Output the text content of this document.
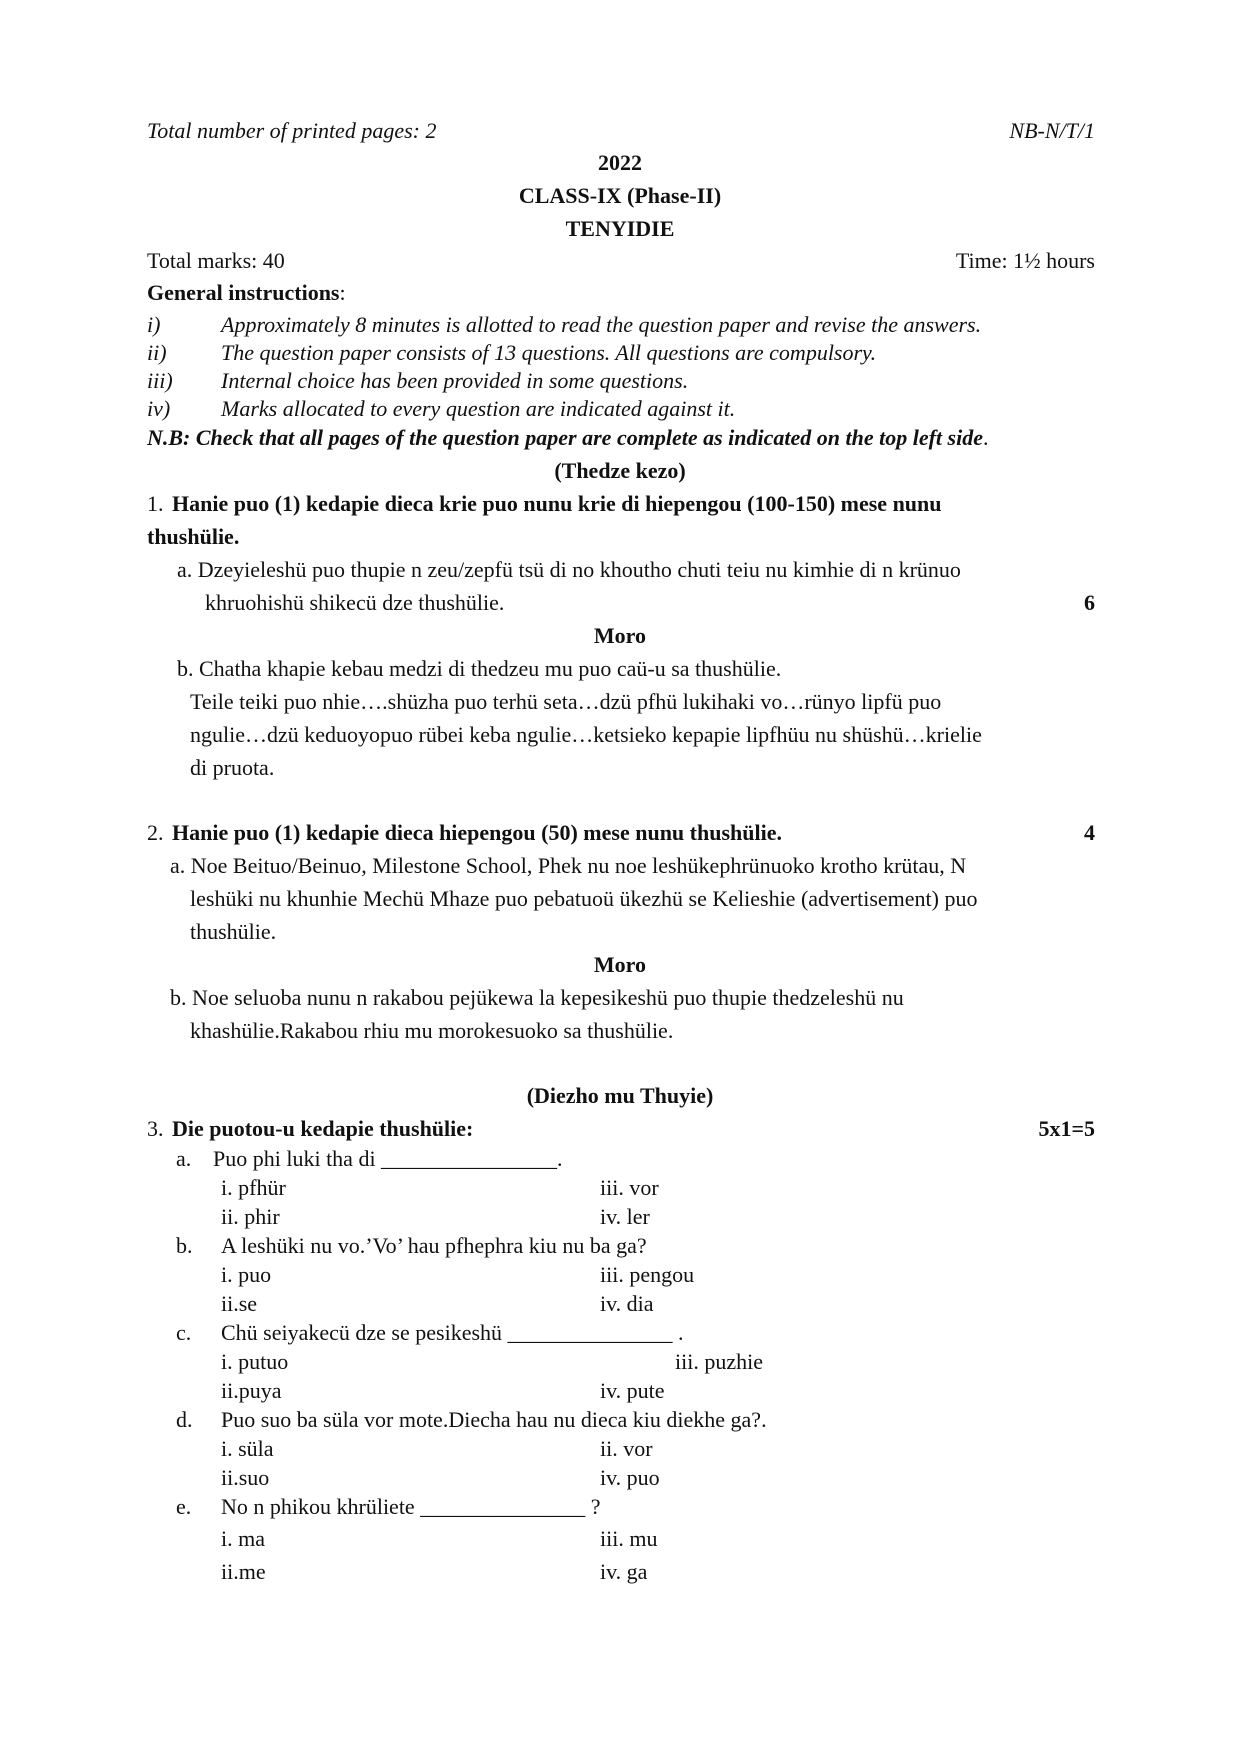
Total number of printed pages: 2	NB-N/T/1
2022
CLASS-IX (Phase-II)
TENYIDIE
Total marks: 40	Time: 1½ hours
General instructions:
i)	Approximately 8 minutes is allotted to read the question paper and revise the answers.
ii) The question paper consists of 13 questions. All questions are compulsory.
iii) Internal choice has been provided in some questions.
iv) Marks allocated to every question are indicated against it.
N.B: Check that all pages of the question paper are complete as indicated on the top left side.
(Thedze kezo)
1. Hanie puo (1) kedapie dieca krie puo nunu krie di hiepengou (100-150) mese nunu
thushülie.
a. Dzeyieleshü puo thupie n zeu/zepfü tsü di no khoutho chuti teiu nu kimhie di n krünuo
khruohishü shikecü dze thushülie.	6
Moro
b. Chatha khapie kebau medzi di thedzeu mu puo caü-u sa thushülie.
Teile teiki puo nhie….shüzha puo terhü seta…dzü pfhü lukihaki vo…rünyo lipfü puo
ngulie…dzü keduoyopuo rübei keba ngulie…ketsieko kepapie lipfhüu nu shüshü…krielie
di pruota.
2. Hanie puo (1) kedapie dieca hiepengou (50) mese nunu thushülie.	4
a. Noe Beituo/Beinuo, Milestone School, Phek nu noe leshükephrünuoko krotho krütau, N
leshüki nu khunhie Mechü Mhaze puo pebatuoü ükezhü se Kelieshie (advertisement) puo
thushülie.
Moro
b. Noe seluoba nunu n rakabou pejükewa la kepesikeshü puo thupie thedzeleshü nu
khashülie.Rakabou rhiu mu morokesuoko sa thushülie.
(Diezho mu Thuyie)
3. Die puotou-u kedapie thushülie:	5x1=5
a. Puo phi luki tha di ________________.
i. pfhür	iii. vor
ii. phir	iv. ler
b. A leshüki nu vo.’Vo’ hau pfhephra kiu nu ba ga?
i. puo	iii. pengou
ii.se	iv. dia
c. Chü seiyakecü dze se pesikeshü _______________ .
i. putuo	iii. puzhie
ii.puya	iv. pute
d. Puo suo ba süla vor mote.Diecha hau nu dieca kiu diekhe ga?.
i. süla	ii. vor
ii.suo	iv. puo
e. No n phikou khrüliete _______________ ?
i. ma	iii. mu
ii.me	iv. ga
